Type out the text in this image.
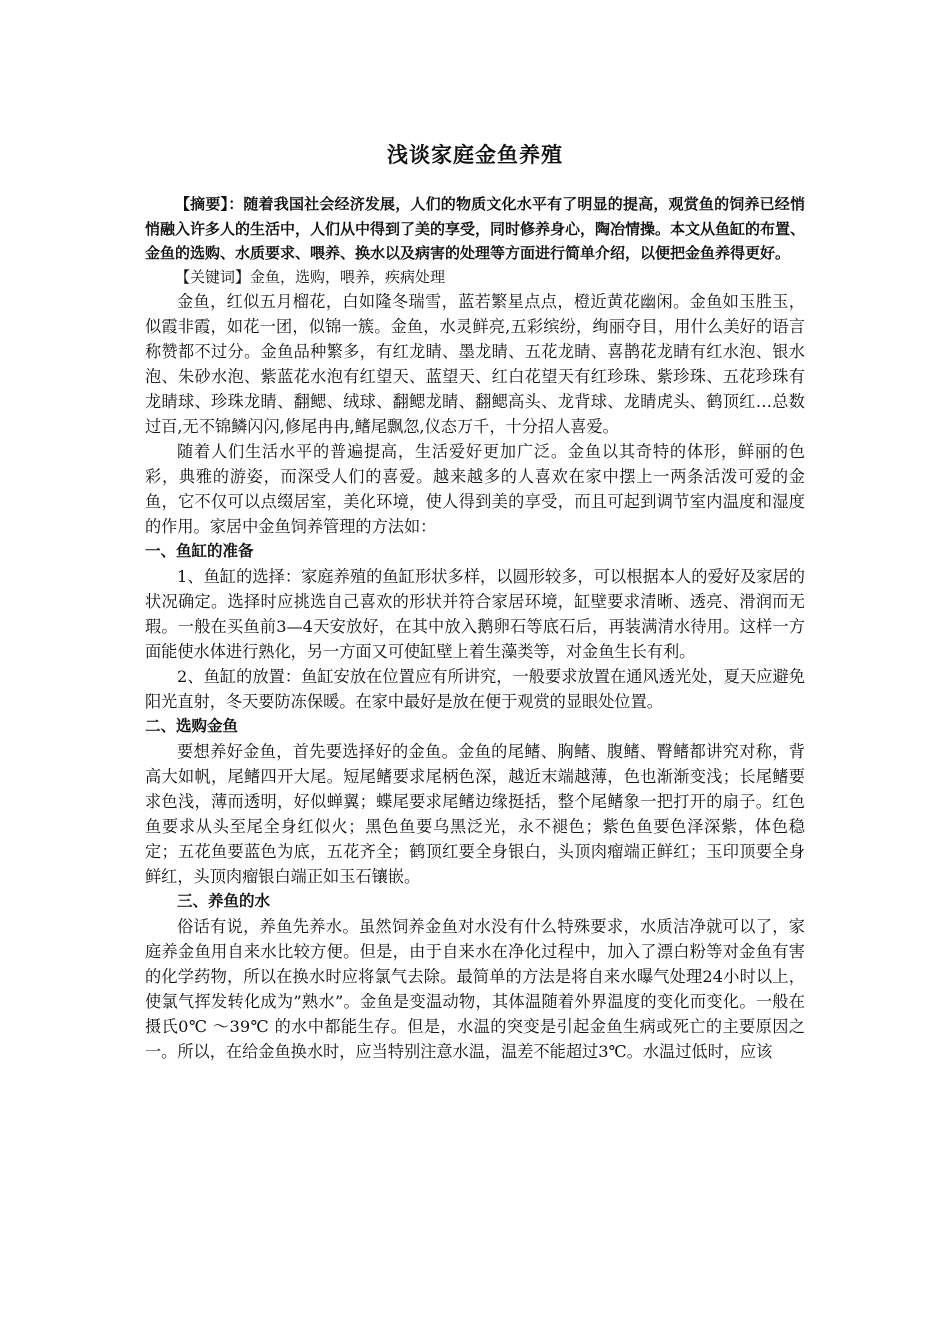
浅谈家庭金鱼养殖

【摘要】：随着我国社会经济发展，人们的物质文化水平有了明显的提高，观赏鱼的饲养已经悄悄融入许多人的生活中，人们从中得到了美的享受，同时修养身心，陶冶情操。本文从鱼缸的布置、金鱼的选购、水质要求、喂养、换水以及病害的处理等方面进行简单介绍，以便把金鱼养得更好。

【关键词】金鱼，选购，喂养，疾病处理

金鱼，红似五月榴花，白如隆冬瑞雪，蓝若繁星点点，橙近黄花幽闲。金鱼如玉胜玉，似霞非霞，如花一团，似锦一簇。金鱼，水灵鲜亮,五彩缤纷，绚丽夺目，用什么美好的语言称赞都不过分。金鱼品种繁多，有红龙睛、墨龙睛、五花龙睛、喜鹊花龙睛有红水泡、银水泡、朱砂水泡、紫蓝花水泡有红望天、蓝望天、红白花望天有红珍珠、紫珍珠、五花珍珠有龙睛球、珍珠龙睛、翻鳃、绒球、翻鳃龙睛、翻鳃高头、龙背球、龙睛虎头、鹤顶红…总数过百,无不锦鳞闪闪,修尾冉冉,鳍尾飘忽,仪态万千，十分招人喜爱。

随着人们生活水平的普遍提高，生活爱好更加广泛。金鱼以其奇特的体形，鲜丽的色彩，典雅的游姿，而深受人们的喜爱。越来越多的人喜欢在家中摆上一两条活泼可爱的金鱼，它不仅可以点缀居室，美化环境，使人得到美的享受，而且可起到调节室内温度和湿度的作用。家居中金鱼饲养管理的方法如：

一、鱼缸的准备

1、鱼缸的选择：家庭养殖的鱼缸形状多样，以圆形较多，可以根据本人的爱好及家居的状况确定。选择时应挑选自己喜欢的形状并符合家居环境，缸壁要求清晰、透亮、滑润而无瑕。一般在买鱼前3—4天安放好，在其中放入鹅卵石等底石后，再装满清水待用。这样一方面能使水体进行熟化，另一方面又可使缸壁上着生藻类等，对金鱼生长有利。

2、鱼缸的放置：鱼缸安放在位置应有所讲究，一般要求放置在通风透光处，夏天应避免阳光直射，冬天要防冻保暖。在家中最好是放在便于观赏的显眼处位置。

二、选购金鱼

要想养好金鱼，首先要选择好的金鱼。金鱼的尾鳍、胸鳍、腹鳍、臀鳍都讲究对称，背高大如帆，尾鳍四开大尾。短尾鳍要求尾柄色深，越近末端越薄，色也渐渐变浅；长尾鳍要求色浅，薄而透明，好似蝉翼；蝶尾要求尾鳍边缘挺括，整个尾鳍象一把打开的扇子。红色鱼要求从头至尾全身红似火；黑色鱼要乌黑泛光，永不褪色；紫色鱼要色泽深紫，体色稳定；五花鱼要蓝色为底，五花齐全；鹤顶红要全身银白，头顶肉瘤端正鲜红；玉印顶要全身鲜红，头顶肉瘤银白端正如玉石镶嵌。

三、养鱼的水

俗话有说，养鱼先养水。虽然饲养金鱼对水没有什么特殊要求，水质洁净就可以了，家庭养金鱼用自来水比较方便。但是，由于自来水在净化过程中，加入了漂白粉等对金鱼有害的化学药物，所以在换水时应将氯气去除。最简单的方法是将自来水曝气处理24小时以上，使氯气挥发转化成为”熟水”。金鱼是变温动物，其体温随着外界温度的变化而变化。一般在摄氏0℃ ～39℃ 的水中都能生存。但是，水温的突变是引起金鱼生病或死亡的主要原因之一。所以，在给金鱼换水时，应当特别注意水温，温差不能超过3℃。水温过低时，应该
